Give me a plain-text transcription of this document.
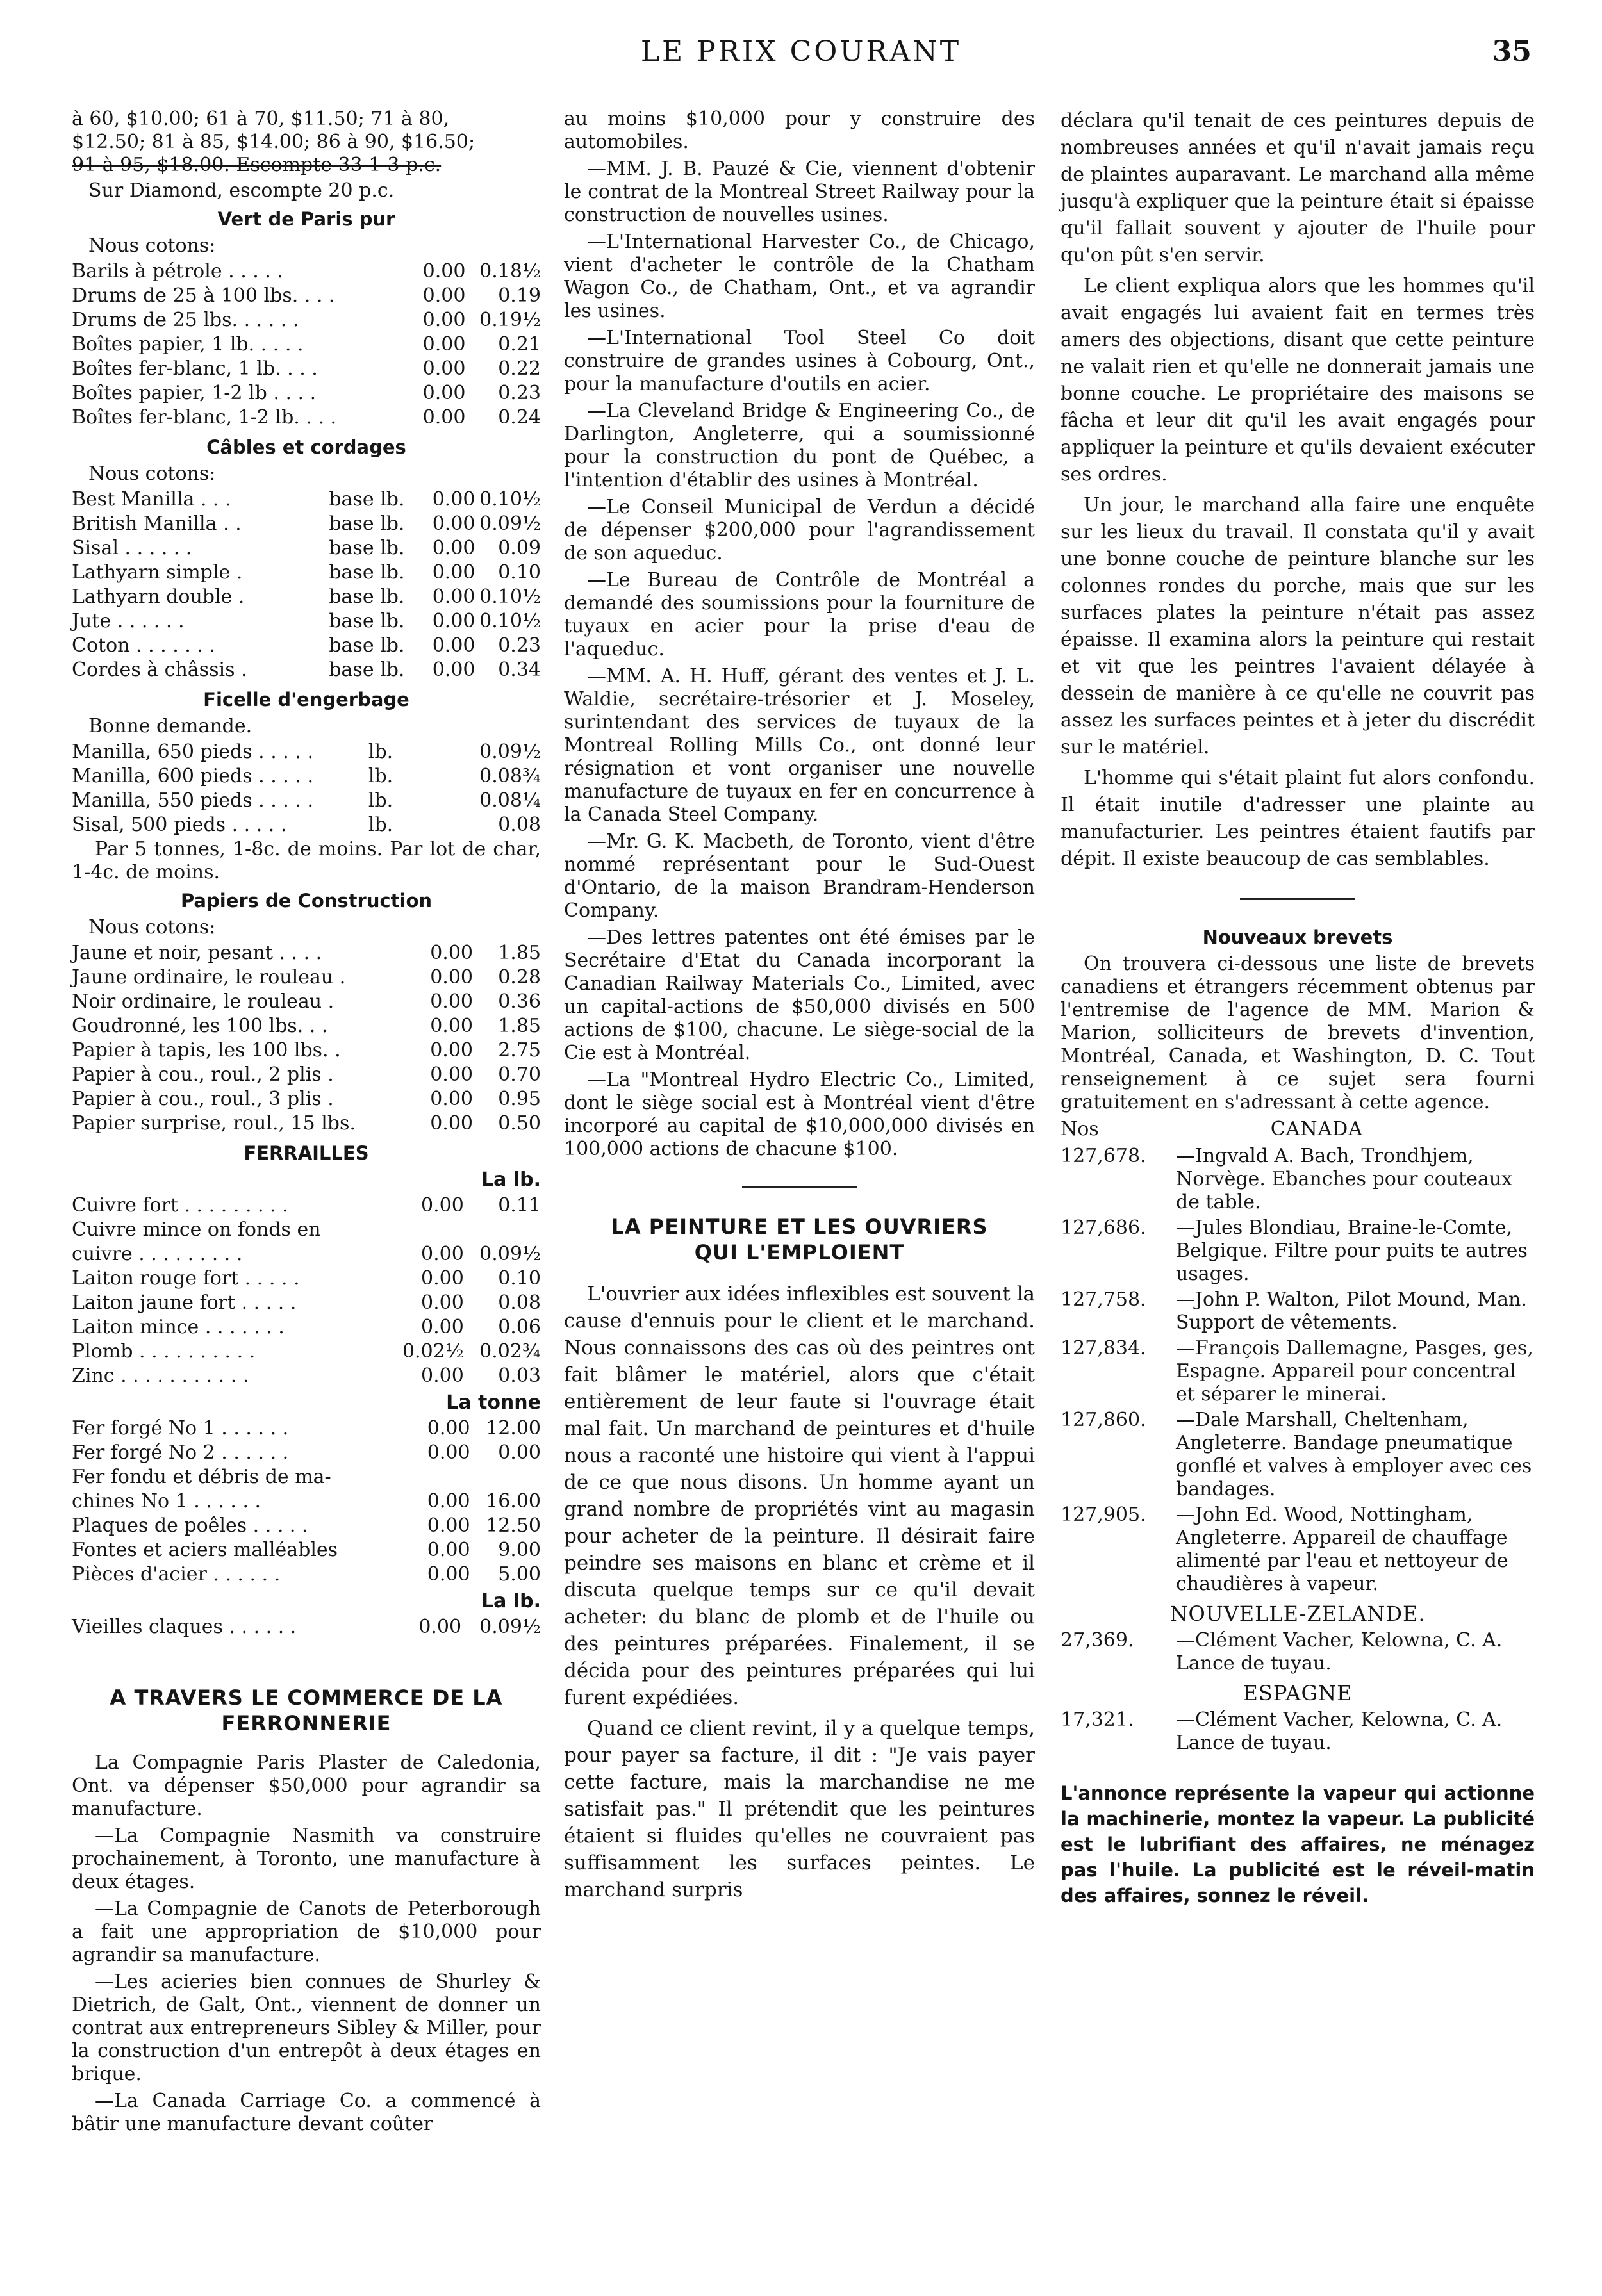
LE PRIX COURANT	35
à 60, $10.00; 61 à 70, $11.50; 71 à 80,
$12.50; 81 à 85, $14.00; 86 à 90, $16.50;
91 à 95, $18.00. Escompte 33 1-3 p.c.
Sur Diamond, escompte 20 p.c.
Vert de Paris pur
Nous cotons:
Barils à pétrole . . . . .	0.00	0.18½
Drums de 25 à 100 lbs. . . .	0.00	0.19
Drums de 25 lbs. . . . . .	0.00	0.19½
Boîtes papier, 1 lb. . . . .	0.00	0.21
Boîtes fer-blanc, 1 lb. . . .	0.00	0.22
Boîtes papier, 1-2 lb . . . .	0.00	0.23
Boîtes fer-blanc, 1-2 lb. . . .	0.00	0.24
Câbles et cordages
Nous cotons:
Best Manilla . . .	base lb.	0.00	0.10½
British Manilla . .	base lb.	0.00	0.09½
Sisal . . . . . .	base lb.	0.00	0.09
Lathyarn simple .	base lb.	0.00	0.10
Lathyarn double .	base lb.	0.00	0.10½
Jute . . . . . .	base lb.	0.00	0.10½
Coton . . . . . . .	base lb.	0.00	0.23
Cordes à châssis .	base lb.	0.00	0.34
Ficelle d'engerbage
Bonne demande.
Manilla, 650 pieds . . . . .	lb.	0.09½
Manilla, 600 pieds . . . . .	lb.	0.08¾
Manilla, 550 pieds . . . . .	lb.	0.08¼
Sisal, 500 pieds . . . . .	lb.	0.08

Par 5 tonnes, 1-8c. de moins. Par lot de char, 1-4c. de moins.

Papiers de Construction
Nous cotons:
Jaune et noir, pesant . . . .	0.00	1.85
Jaune ordinaire, le rouleau .	0.00	0.28
Noir ordinaire, le rouleau .	0.00	0.36
Goudronné, les 100 lbs. . .	0.00	1.85
Papier à tapis, les 100 lbs. .	0.00	2.75
Papier à cou., roul., 2 plis .	0.00	0.70
Papier à cou., roul., 3 plis .	0.00	0.95
Papier surprise, roul., 15 lbs.	0.00	0.50
FERRAILLES
La lb.
Cuivre fort . . . . . . . . .	0.00	0.11
Cuivre mince on fonds en		
cuivre . . . . . . . . .	0.00	0.09½
Laiton rouge fort . . . . .	0.00	0.10
Laiton jaune fort . . . . .	0.00	0.08
Laiton mince . . . . . . .	0.00	0.06
Plomb . . . . . . . . . .	0.02½	0.02¾
Zinc . . . . . . . . . . .	0.00	0.03
La tonne
Fer forgé No 1 . . . . . .	0.00	12.00
Fer forgé No 2 . . . . . .	0.00	0.00
Fer fondu et débris de ma-		
chines No 1 . . . . . .	0.00	16.00
Plaques de poêles . . . . .	0.00	12.50
Fontes et aciers malléables	0.00	9.00
Pièces d'acier . . . . . .	0.00	5.00
La lb.
Vieilles claques . . . . . .	0.00	0.09½
A TRAVERS LE COMMERCE DE LA
FERRONNERIE

La Compagnie Paris Plaster de Caledonia, Ont. va dépenser $50,000 pour agrandir sa manufacture.

—La Compagnie Nasmith va construire prochainement, à Toronto, une manufacture à deux étages.

—La Compagnie de Canots de Peterborough a fait une appropriation de $10,000 pour agrandir sa manufacture.

—Les acieries bien connues de Shurley & Dietrich, de Galt, Ont., viennent de donner un contrat aux entrepreneurs Sibley & Miller, pour la construction d'un entrepôt à deux étages en brique.

—La Canada Carriage Co. a commencé à bâtir une manufacture devant coûter

au moins $10,000 pour y construire des automobiles.

—MM. J. B. Pauzé & Cie, viennent d'obtenir le contrat de la Montreal Street Railway pour la construction de nouvelles usines.

—L'International Harvester Co., de Chicago, vient d'acheter le contrôle de la Chatham Wagon Co., de Chatham, Ont., et va agrandir les usines.

—L'International Tool Steel Co doit construire de grandes usines à Cobourg, Ont., pour la manufacture d'outils en acier.

—La Cleveland Bridge & Engineering Co., de Darlington, Angleterre, qui a soumissionné pour la construction du pont de Québec, a l'intention d'établir des usines à Montréal.

—Le Conseil Municipal de Verdun a décidé de dépenser $200,000 pour l'agrandissement de son aqueduc.

—Le Bureau de Contrôle de Montréal a demandé des soumissions pour la fourniture de tuyaux en acier pour la prise d'eau de l'aqueduc.

—MM. A. H. Huff, gérant des ventes et J. L. Waldie, secrétaire-trésorier et J. Moseley, surintendant des services de tuyaux de la Montreal Rolling Mills Co., ont donné leur résignation et vont organiser une nouvelle manufacture de tuyaux en fer en concurrence à la Canada Steel Company.

—Mr. G. K. Macbeth, de Toronto, vient d'être nommé représentant pour le Sud-Ouest d'Ontario, de la maison Brandram-Henderson Company.

—Des lettres patentes ont été émises par le Secrétaire d'Etat du Canada incorporant la Canadian Railway Materials Co., Limited, avec un capital-actions de $50,000 divisés en 500 actions de $100, chacune. Le siège-social de la Cie est à Montréal.

—La "Montreal Hydro Electric Co., Limited, dont le siège social est à Montréal vient d'être incorporé au capital de $10,000,000 divisés en 100,000 actions de chacune $100.

LA PEINTURE ET LES OUVRIERS
QUI L'EMPLOIENT

L'ouvrier aux idées inflexibles est souvent la cause d'ennuis pour le client et le marchand. Nous connaissons des cas où des peintres ont fait blâmer le matériel, alors que c'était entièrement de leur faute si l'ouvrage était mal fait. Un marchand de peintures et d'huile nous a raconté une histoire qui vient à l'appui de ce que nous disons. Un homme ayant un grand nombre de propriétés vint au magasin pour acheter de la peinture. Il désirait faire peindre ses maisons en blanc et crème et il discuta quelque temps sur ce qu'il devait acheter: du blanc de plomb et de l'huile ou des peintures préparées. Finalement, il se décida pour des peintures préparées qui lui furent expédiées.

Quand ce client revint, il y a quelque temps, pour payer sa facture, il dit : "Je vais payer cette facture, mais la marchandise ne me satisfait pas." Il prétendit que les peintures étaient si fluides qu'elles ne couvraient pas suffisamment les surfaces peintes. Le marchand surpris

déclara qu'il tenait de ces peintures depuis de nombreuses années et qu'il n'avait jamais reçu de plaintes auparavant. Le marchand alla même jusqu'à expliquer que la peinture était si épaisse qu'il fallait souvent y ajouter de l'huile pour qu'on pût s'en servir.

Le client expliqua alors que les hommes qu'il avait engagés lui avaient fait en termes très amers des objections, disant que cette peinture ne valait rien et qu'elle ne donnerait jamais une bonne couche. Le propriétaire des maisons se fâcha et leur dit qu'il les avait engagés pour appliquer la peinture et qu'ils devaient exécuter ses ordres.

Un jour, le marchand alla faire une enquête sur les lieux du travail. Il constata qu'il y avait une bonne couche de peinture blanche sur les colonnes rondes du porche, mais que sur les surfaces plates la peinture n'était pas assez épaisse. Il examina alors la peinture qui restait et vit que les peintres l'avaient délayée à dessein de manière à ce qu'elle ne couvrit pas assez les surfaces peintes et à jeter du discrédit sur le matériel.

L'homme qui s'était plaint fut alors confondu. Il était inutile d'adresser une plainte au manufacturier. Les peintres étaient fautifs par dépit. Il existe beaucoup de cas semblables.

Nouveaux brevets

On trouvera ci-dessous une liste de brevets canadiens et étrangers récemment obtenus par l'entremise de l'agence de MM. Marion & Marion, solliciteurs de brevets d'invention, Montréal, Canada, et Washington, D. C. Tout renseignement à ce sujet sera fourni gratuitement en s'adressant à cette agence.

Nos	CANADA
127,678.	—Ingvald A. Bach, Trondhjem, Norvège. Ebanches pour couteaux de table.
127,686.	—Jules Blondiau, Braine-le-Comte, Belgique. Filtre pour puits te autres usages.
127,758.	—John P. Walton, Pilot Mound, Man. Support de vêtements.
127,834.	—François Dallemagne, Pasges, ges, Espagne. Appareil pour concentral et séparer le minerai.
127,860.	—Dale Marshall, Cheltenham, Angleterre. Bandage pneumatique gonflé et valves à employer avec ces bandages.
127,905.	—John Ed. Wood, Nottingham, Angleterre. Appareil de chauffage alimenté par l'eau et nettoyeur de chaudières à vapeur.
NOUVELLE-ZELANDE.
27,369.	—Clément Vacher, Kelowna, C. A. Lance de tuyau.
ESPAGNE
17,321.	—Clément Vacher, Kelowna, C. A. Lance de tuyau.
L'annonce représente la vapeur qui actionne la machinerie, montez la vapeur. La publicité est le lubrifiant des affaires, ne ménagez pas l'huile. La publicité est le réveil-matin des affaires, sonnez le réveil.
